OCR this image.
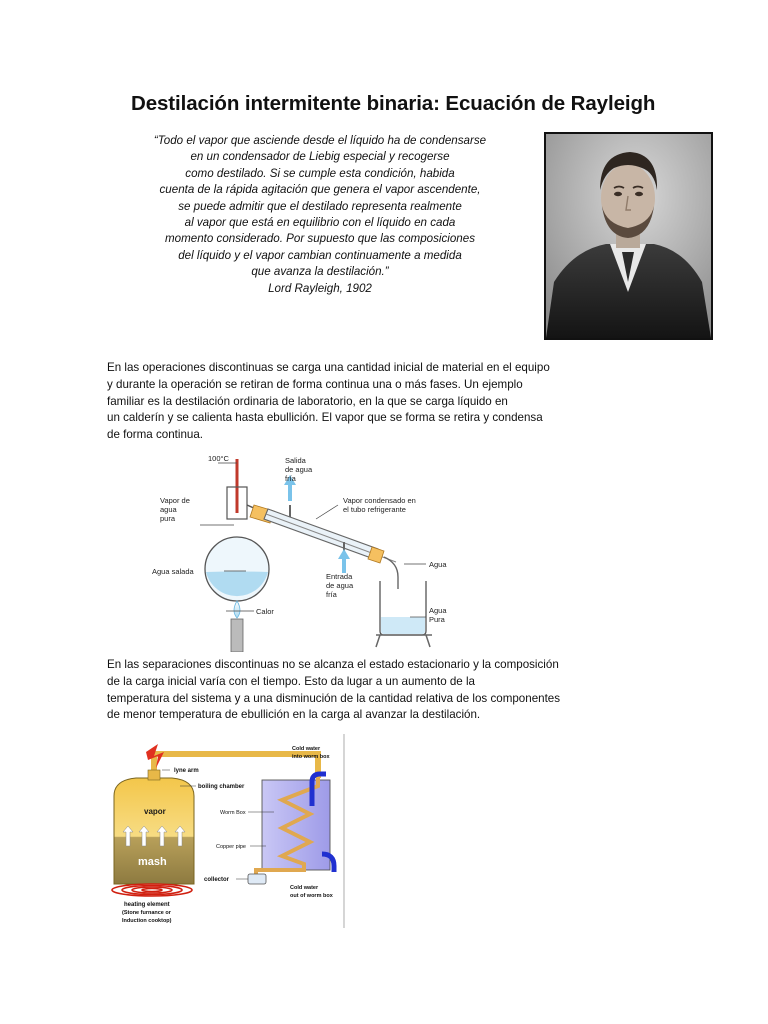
Destilación intermitente binaria: Ecuación de Rayleigh
“Todo el vapor que asciende desde el líquido ha de condensarse
en un condensador de Liebig especial y recogerse
como destilado. Si se cumple esta condición, habida
cuenta de la rápida agitación que genera el vapor ascendente,
se puede admitir que el destilado representa realmente
al vapor que está en equilibrio con el líquido en cada
momento considerado. Por supuesto que las composiciones
del líquido y el vapor cambian continuamente a medida
que avanza la destilación.”
Lord Rayleigh, 1902
En las operaciones discontinuas se carga una cantidad inicial de material en el equipo
y durante la operación se retiran de forma continua una o más fases. Un ejemplo
familiar es la destilación ordinaria de laboratorio, en la que se carga líquido en
un calderín y se calienta hasta ebullición. El vapor que se forma se retira y condensa
de forma continua.
100°C	Salida de agua fría
Vapor de agua pura
Vapor condensado en el tubo refrigerante
Agua salada
Entrada de agua fría
Agua
Calor	Agua Pura
En las separaciones discontinuas no se alcanza el estado estacionario y la composición
de la carga inicial varía con el tiempo. Esto da lugar a un aumento de la
temperatura del sistema y a una disminución de la cantidad relativa de los componentes
de menor temperatura de ebullición en la carga al avanzar la destilación.
vapor
mash
lyne arm
boiling chamber
Worm Box
Copper pipe
collector
Cold water into worm box
Cold water out of worm box
heating element (Stone furnance or Induction cooktop)
